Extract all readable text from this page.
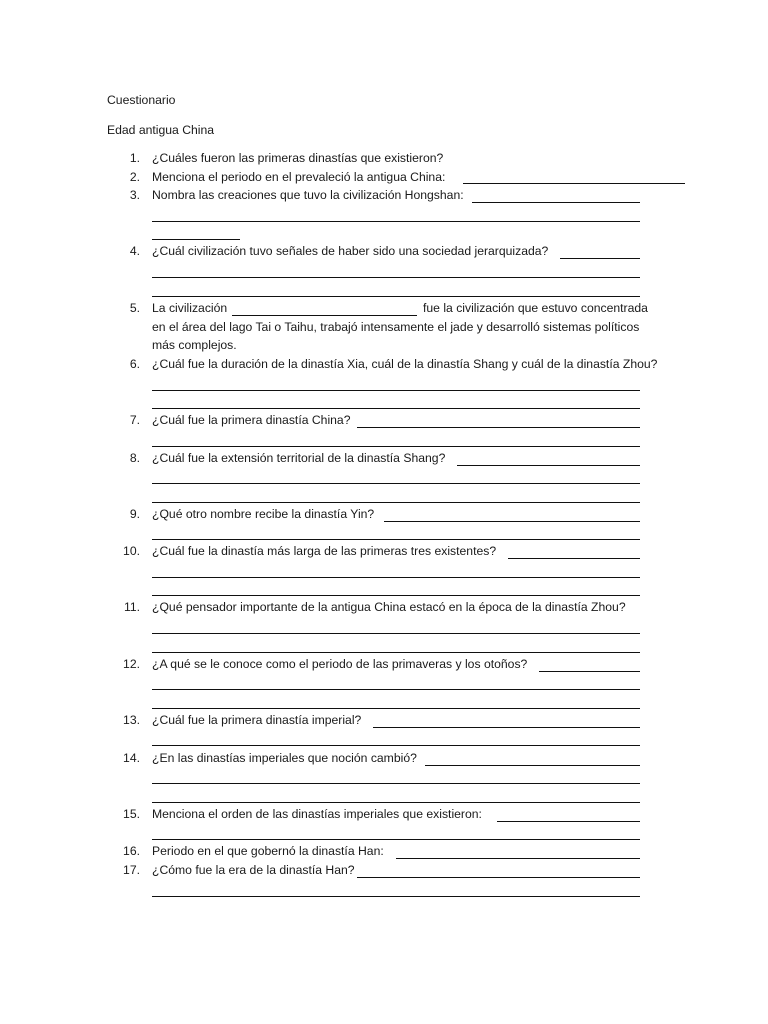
Cuestionario
Edad antigua China
1. ¿Cuáles fueron las primeras dinastías que existieron?
2. Menciona el periodo en el prevaleció la antigua China:
3. Nombra las creaciones que tuvo la civilización Hongshan:
4. ¿Cuál civilización tuvo señales de haber sido una sociedad jerarquizada?
5. La civilización	fue la civilización que estuvo concentrada
en el área del lago Tai o Taihu, trabajó intensamente el jade y desarrolló sistemas políticos
más complejos.
6. ¿Cuál fue la duración de la dinastía Xia, cuál de la dinastía Shang y cuál de la dinastía Zhou?
7. ¿Cuál fue la primera dinastía China?
8. ¿Cuál fue la extensión territorial de la dinastía Shang?
9. ¿Qué otro nombre recibe la dinastía Yin?
10. ¿Cuál fue la dinastía más larga de las primeras tres existentes?
11. ¿Qué pensador importante de la antigua China estacó en la época de la dinastía Zhou?
12. ¿A qué se le conoce como el periodo de las primaveras y los otoños?
13. ¿Cuál fue la primera dinastía imperial?
14. ¿En las dinastías imperiales que noción cambió?
15. Menciona el orden de las dinastías imperiales que existieron:
16. Periodo en el que gobernó la dinastía Han:
17. ¿Cómo fue la era de la dinastía Han?
